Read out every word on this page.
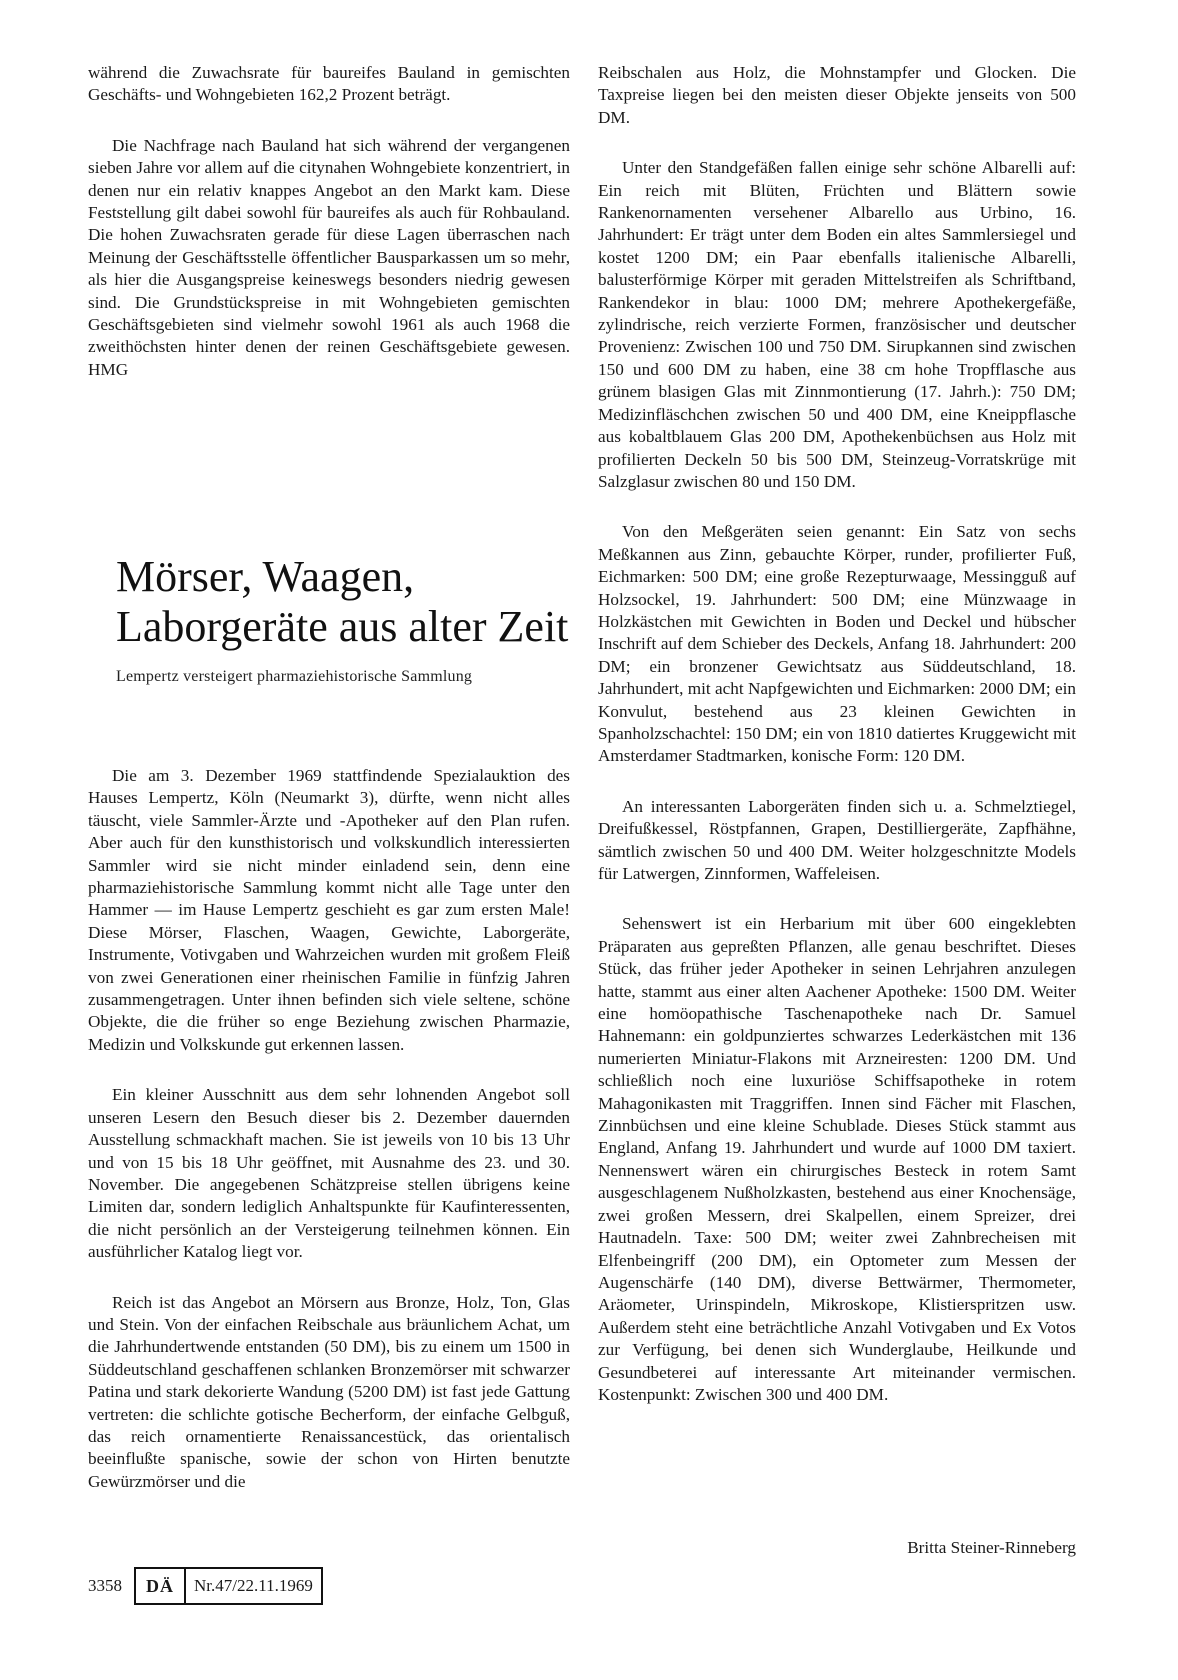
während die Zuwachsrate für baureifes Bauland in gemischten Geschäfts- und Wohngebieten 162,2 Prozent beträgt.

Die Nachfrage nach Bauland hat sich während der vergangenen sieben Jahre vor allem auf die citynahen Wohngebiete konzentriert, in denen nur ein relativ knappes Angebot an den Markt kam. Diese Feststellung gilt dabei sowohl für baureifes als auch für Rohbauland. Die hohen Zuwachsraten gerade für diese Lagen überraschen nach Meinung der Geschäftsstelle öffentlicher Bausparkassen um so mehr, als hier die Ausgangspreise keineswegs besonders niedrig gewesen sind. Die Grundstückspreise in mit Wohngebieten gemischten Geschäftsgebieten sind vielmehr sowohl 1961 als auch 1968 die zweithöchsten hinter denen der reinen Geschäftsgebiete gewesen. HMG

Mörser, Waagen, Laborgeräte aus alter Zeit

Lempertz versteigert pharmaziehistorische Sammlung

Die am 3. Dezember 1969 stattfindende Spezialauktion des Hauses Lempertz, Köln (Neumarkt 3), dürfte, wenn nicht alles täuscht, viele Sammler-Ärzte und -Apotheker auf den Plan rufen. Aber auch für den kunsthistorisch und volkskundlich interessierten Sammler wird sie nicht minder einladend sein, denn eine pharmaziehistorische Sammlung kommt nicht alle Tage unter den Hammer — im Hause Lempertz geschieht es gar zum ersten Male! Diese Mörser, Flaschen, Waagen, Gewichte, Laborgeräte, Instrumente, Votivgaben und Wahrzeichen wurden mit großem Fleiß von zwei Generationen einer rheinischen Familie in fünfzig Jahren zusammengetragen. Unter ihnen befinden sich viele seltene, schöne Objekte, die die früher so enge Beziehung zwischen Pharmazie, Medizin und Volkskunde gut erkennen lassen.

Ein kleiner Ausschnitt aus dem sehr lohnenden Angebot soll unseren Lesern den Besuch dieser bis 2. Dezember dauernden Ausstellung schmackhaft machen. Sie ist jeweils von 10 bis 13 Uhr und von 15 bis 18 Uhr geöffnet, mit Ausnahme des 23. und 30. November. Die angegebenen Schätzpreise stellen übrigens keine Limiten dar, sondern lediglich Anhaltspunkte für Kaufinteressenten, die nicht persönlich an der Versteigerung teilnehmen können. Ein ausführlicher Katalog liegt vor.

Reich ist das Angebot an Mörsern aus Bronze, Holz, Ton, Glas und Stein. Von der einfachen Reibschale aus bräunlichem Achat, um die Jahrhundertwende entstanden (50 DM), bis zu einem um 1500 in Süddeutschland geschaffenen schlanken Bronzemörser mit schwarzer Patina und stark dekorierte Wandung (5200 DM) ist fast jede Gattung vertreten: die schlichte gotische Becherform, der einfache Gelbguß, das reich ornamentierte Renaissancestück, das orientalisch beeinflußte spanische, sowie der schon von Hirten benutzte Gewürzmörser und die

Reibschalen aus Holz, die Mohnstampfer und Glocken. Die Taxpreise liegen bei den meisten dieser Objekte jenseits von 500 DM.

Unter den Standgefäßen fallen einige sehr schöne Albarelli auf: Ein reich mit Blüten, Früchten und Blättern sowie Rankenornamenten versehener Albarello aus Urbino, 16. Jahrhundert: Er trägt unter dem Boden ein altes Sammlersiegel und kostet 1200 DM; ein Paar ebenfalls italienische Albarelli, balusterförmige Körper mit geraden Mittelstreifen als Schriftband, Rankendekor in blau: 1000 DM; mehrere Apothekergefäße, zylindrische, reich verzierte Formen, französischer und deutscher Provenienz: Zwischen 100 und 750 DM. Sirupkannen sind zwischen 150 und 600 DM zu haben, eine 38 cm hohe Tropfflasche aus grünem blasigen Glas mit Zinnmontierung (17. Jahrh.): 750 DM; Medizinfläschchen zwischen 50 und 400 DM, eine Kneippflasche aus kobaltblauem Glas 200 DM, Apothekenbüchsen aus Holz mit profilierten Deckeln 50 bis 500 DM, Steinzeug-Vorratskrüge mit Salzglasur zwischen 80 und 150 DM.

Von den Meßgeräten seien genannt: Ein Satz von sechs Meßkannen aus Zinn, gebauchte Körper, runder, profilierter Fuß, Eichmarken: 500 DM; eine große Rezepturwaage, Messingguß auf Holzsockel, 19. Jahrhundert: 500 DM; eine Münzwaage in Holzkästchen mit Gewichten in Boden und Deckel und hübscher Inschrift auf dem Schieber des Deckels, Anfang 18. Jahrhundert: 200 DM; ein bronzener Gewichtsatz aus Süddeutschland, 18. Jahrhundert, mit acht Napfgewichten und Eichmarken: 2000 DM; ein Konvulut, bestehend aus 23 kleinen Gewichten in Spanholzschachtel: 150 DM; ein von 1810 datiertes Kruggewicht mit Amsterdamer Stadtmarken, konische Form: 120 DM.

An interessanten Laborgeräten finden sich u. a. Schmelztiegel, Dreifußkessel, Röstpfannen, Grapen, Destilliergeräte, Zapfhähne, sämtlich zwischen 50 und 400 DM. Weiter holzgeschnitzte Models für Latwergen, Zinnformen, Waffeleisen.

Sehenswert ist ein Herbarium mit über 600 eingeklebten Präparaten aus gepreßten Pflanzen, alle genau beschriftet. Dieses Stück, das früher jeder Apotheker in seinen Lehrjahren anzulegen hatte, stammt aus einer alten Aachener Apotheke: 1500 DM. Weiter eine homöopathische Taschenapotheke nach Dr. Samuel Hahnemann: ein goldpunziertes schwarzes Lederkästchen mit 136 numerierten Miniatur-Flakons mit Arzneiresten: 1200 DM. Und schließlich noch eine luxuriöse Schiffsapotheke in rotem Mahagonikasten mit Traggriffen. Innen sind Fächer mit Flaschen, Zinnbüchsen und eine kleine Schublade. Dieses Stück stammt aus England, Anfang 19. Jahrhundert und wurde auf 1000 DM taxiert. Nennenswert wären ein chirurgisches Besteck in rotem Samt ausgeschlagenem Nußholzkasten, bestehend aus einer Knochensäge, zwei großen Messern, drei Skalpellen, einem Spreizer, drei Hautnadeln. Taxe: 500 DM; weiter zwei Zahnbrecheisen mit Elfenbeingriff (200 DM), ein Optometer zum Messen der Augenschärfe (140 DM), diverse Bettwärmer, Thermometer, Aräometer, Urinspindeln, Mikroskope, Klistierspritzen usw. Außerdem steht eine beträchtliche Anzahl Votivgaben und Ex Votos zur Verfügung, bei denen sich Wunderglaube, Heilkunde und Gesundbeterei auf interessante Art miteinander vermischen. Kostenpunkt: Zwischen 300 und 400 DM.

Britta Steiner-Rinneberg
3358	DÄ	Nr.47/22.11.1969
